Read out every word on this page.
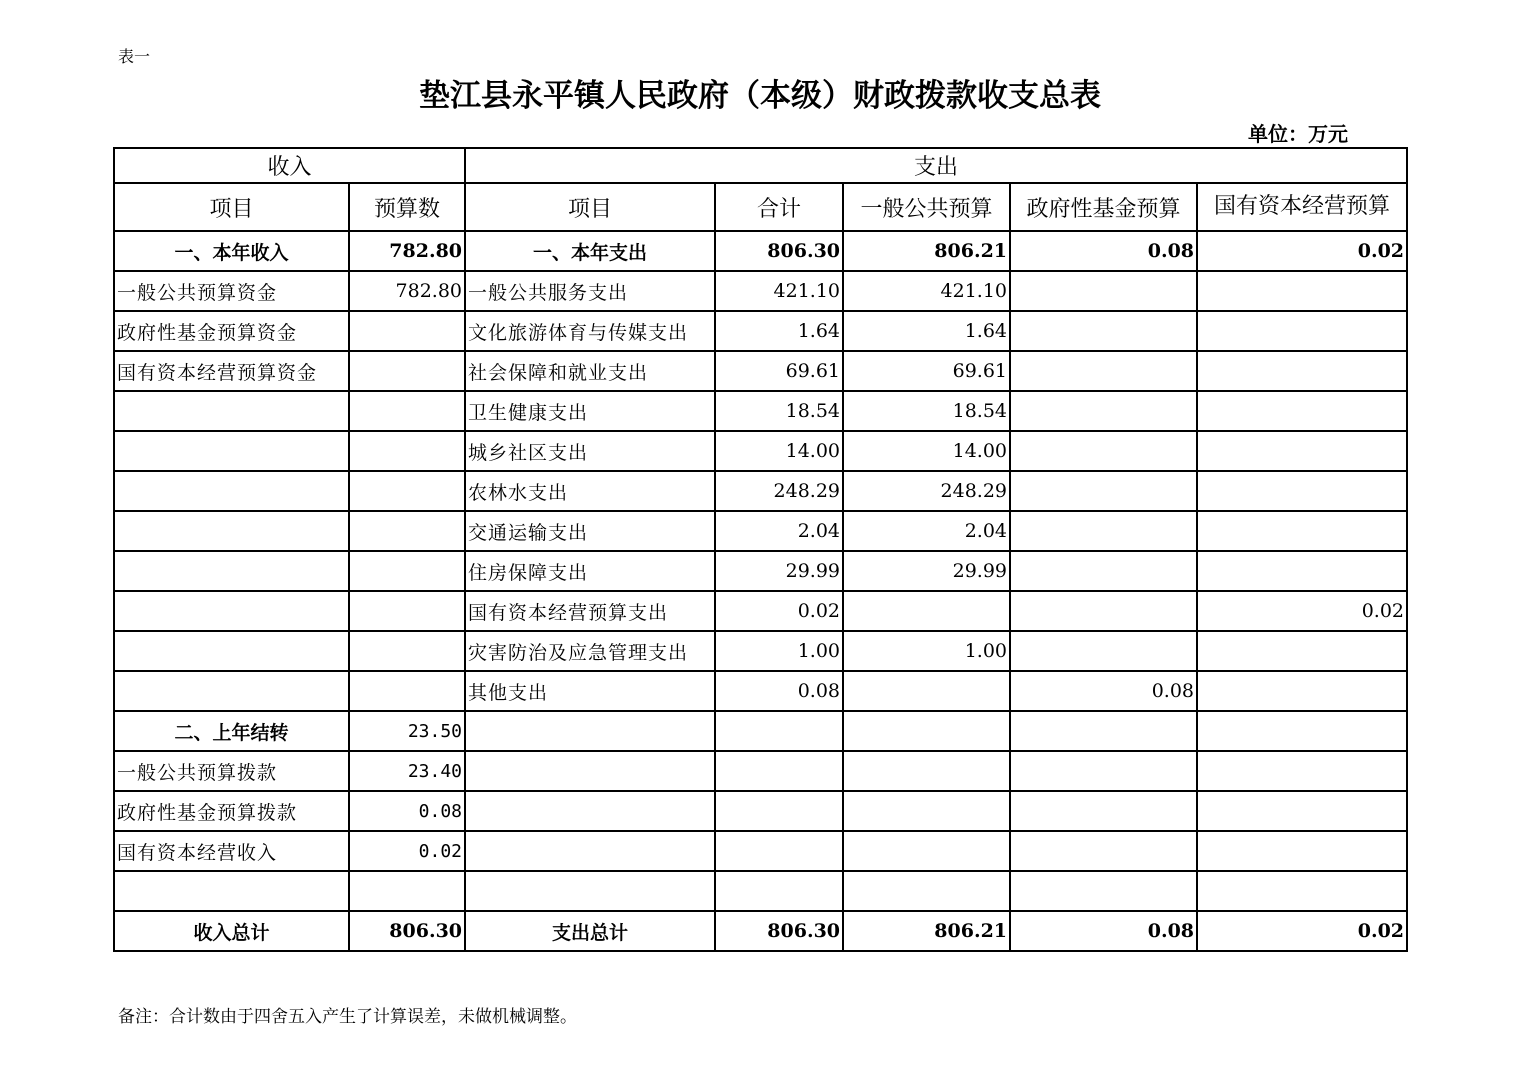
表一
垫江县永平镇人民政府（本级）财政拨款收支总表
单位：万元
收入		支出				
项目	预算数	项目	合计	一般公共预算	政府性基金预算	国有资本经营预算
一、本年收入	782.80	一、本年支出	806.30	806.21	0.08	0.02
一般公共预算资金	782.80	一般公共服务支出	421.10	421.10		
政府性基金预算资金		文化旅游体育与传媒支出	1.64	1.64		
国有资本经营预算资金		社会保障和就业支出	69.61	69.61		
		卫生健康支出	18.54	18.54		
		城乡社区支出	14.00	14.00		
		农林水支出	248.29	248.29		
		交通运输支出	2.04	2.04		
		住房保障支出	29.99	29.99		
		国有资本经营预算支出	0.02			0.02
		灾害防治及应急管理支出	1.00	1.00		
		其他支出	0.08		0.08	
二、上年结转	23.50					
一般公共预算拨款	23.40					
政府性基金预算拨款	0.08					
国有资本经营收入	0.02					

收入总计	806.30	支出总计	806.30	806.21	0.08	0.02
备注：合计数由于四舍五入产生了计算误差，未做机械调整。
